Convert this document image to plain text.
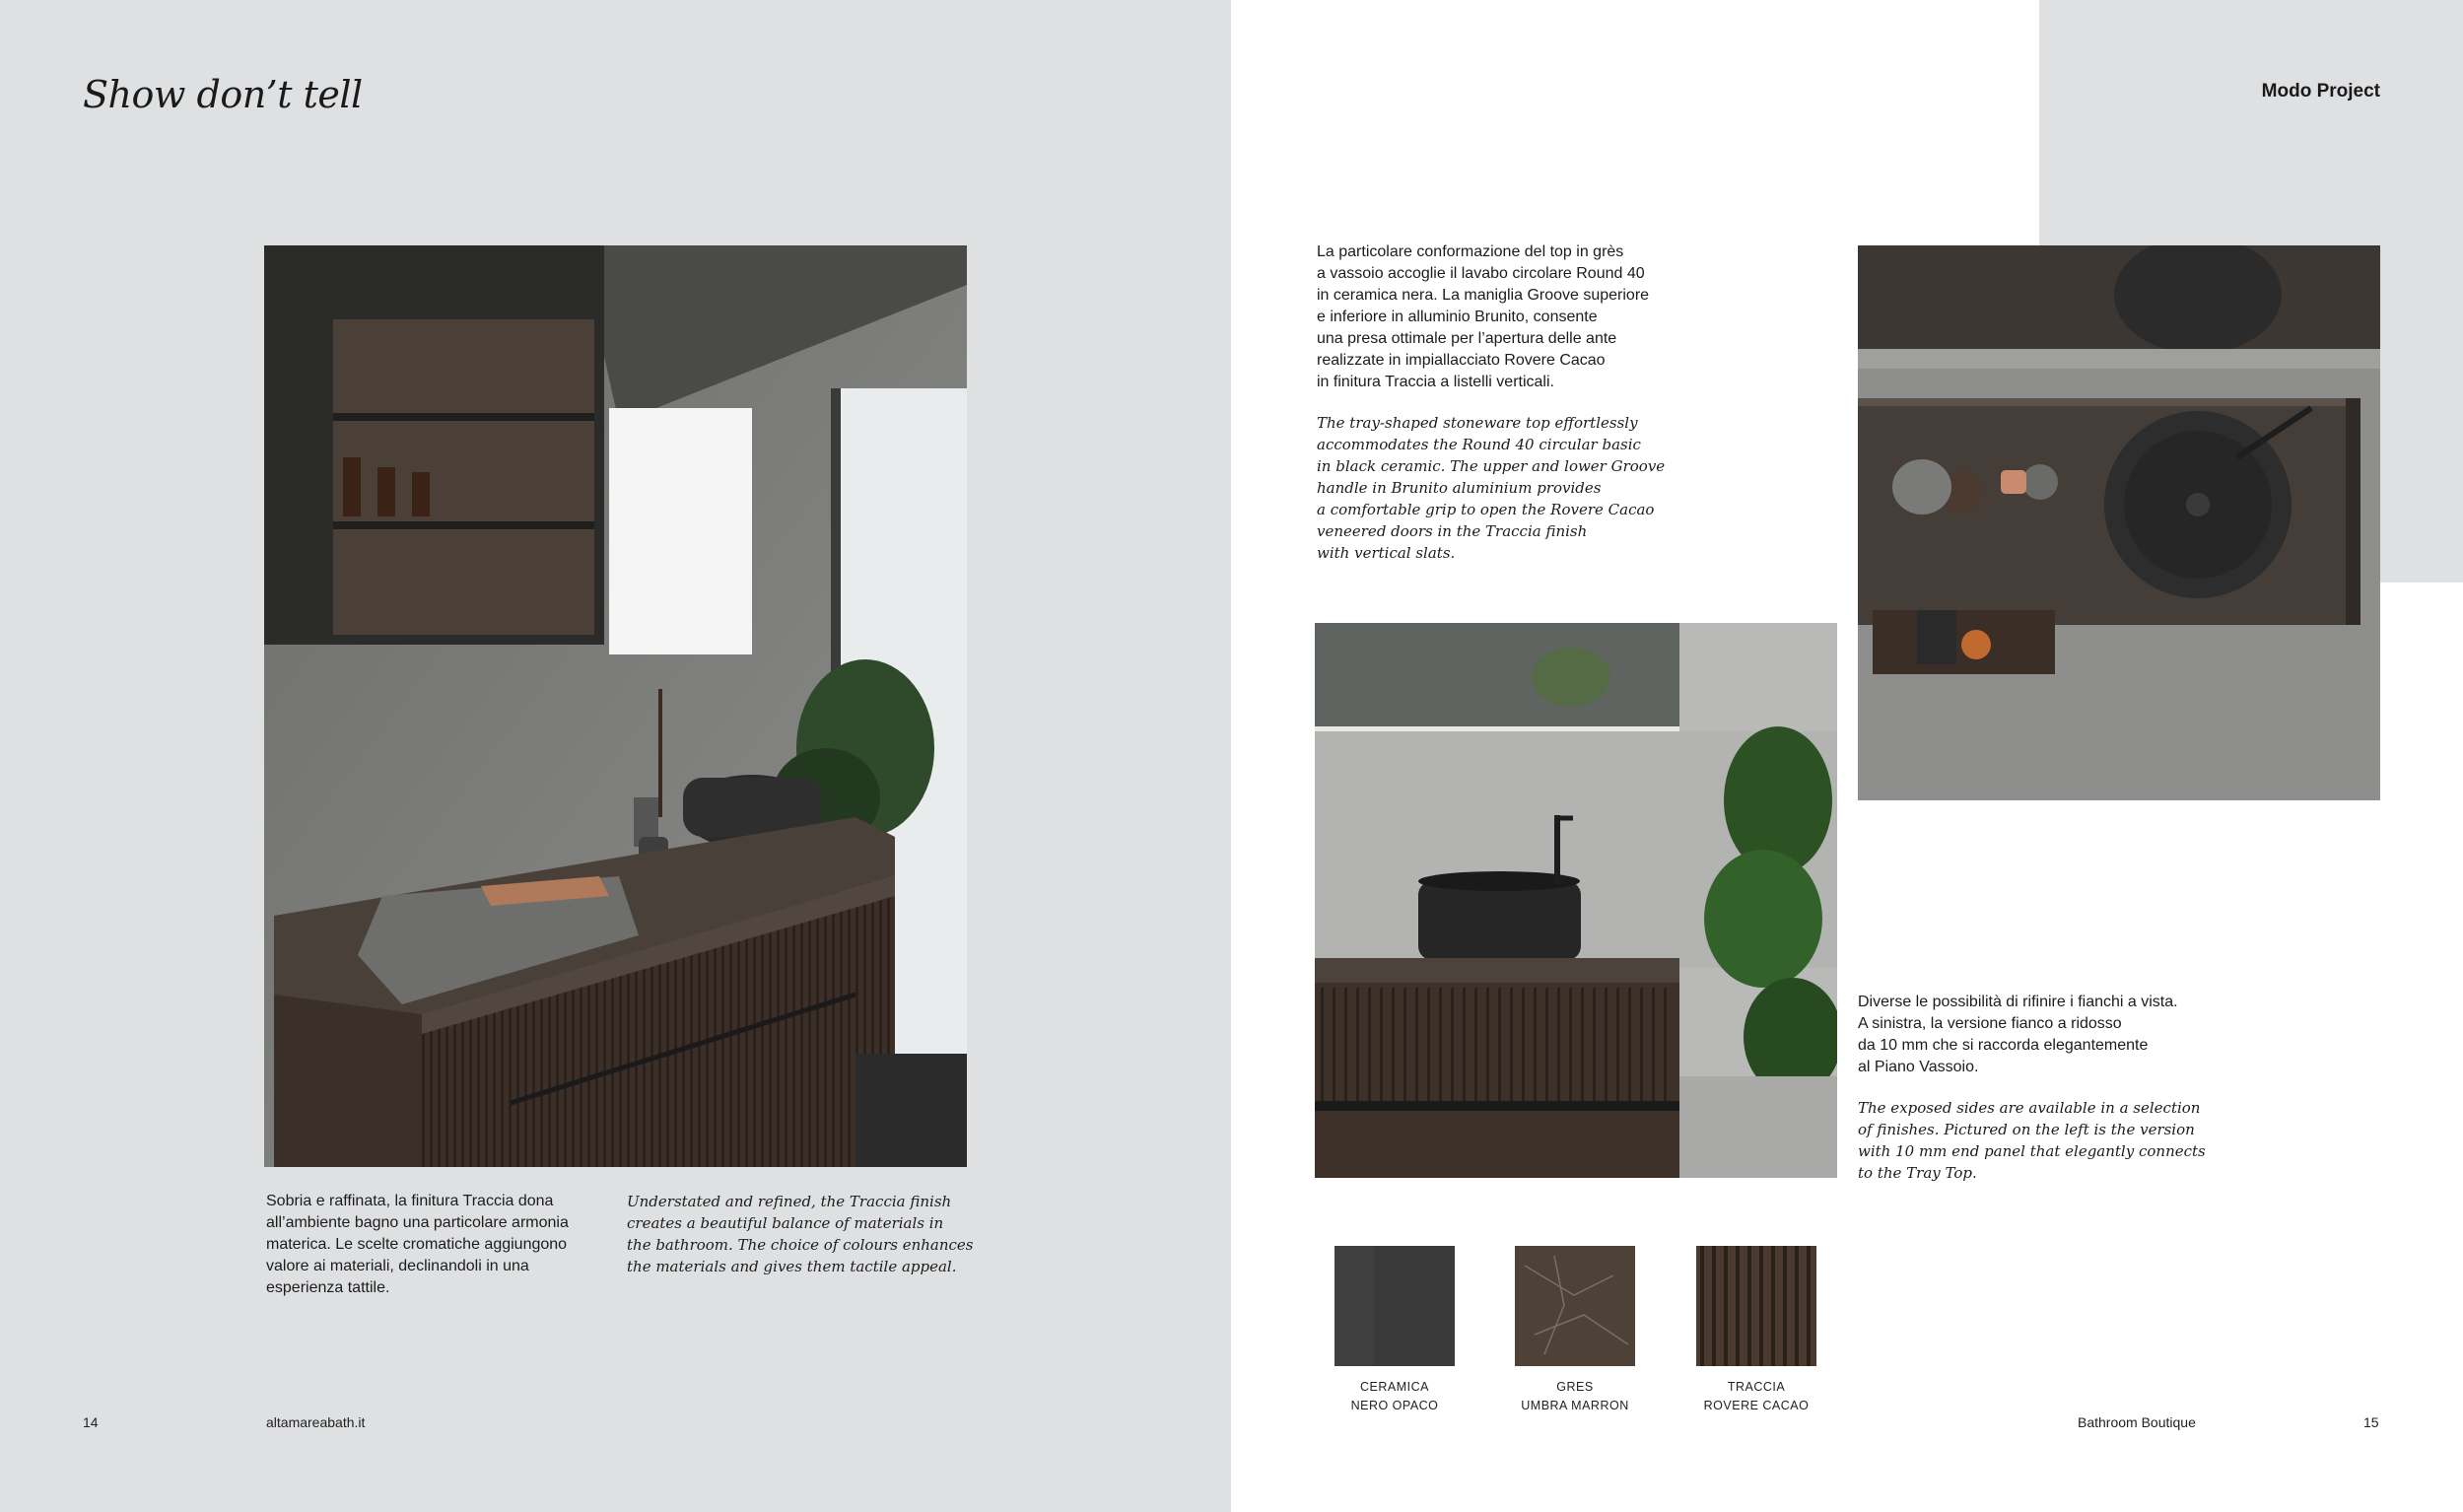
Show don’t tell	Modo Project
Sobria e raffinata, la finitura Traccia dona
all’ambiente bagno una particolare armonia
materica. Le scelte cromatiche aggiungono
valore ai materiali, declinandoli in una
esperienza tattile.
Understated and refined, the Traccia finish
creates a beautiful balance of materials in
the bathroom. The choice of colours enhances
the materials and gives them tactile appeal.
La particolare conformazione del top in grès
a vassoio accoglie il lavabo circolare Round 40
in ceramica nera. La maniglia Groove superiore
e inferiore in alluminio Brunito, consente
una presa ottimale per l’apertura delle ante
realizzate in impiallacciato Rovere Cacao
in finitura Traccia a listelli verticali.
The tray-shaped stoneware top effortlessly
accommodates the Round 40 circular basic
in black ceramic. The upper and lower Groove
handle in Brunito aluminium provides
a comfortable grip to open the Rovere Cacao
veneered doors in the Traccia finish
with vertical slats.
Diverse le possibilità di rifinire i fianchi a vista.
A sinistra, la versione fianco a ridosso
da 10 mm che si raccorda elegantemente
al Piano Vassoio.
The exposed sides are available in a selection
of finishes. Pictured on the left is the version
with 10 mm end panel that elegantly connects
to the Tray Top.
CERAMICA
NERO OPACO
GRES
UMBRA MARRON
TRACCIA
ROVERE CACAO
14	altamareabath.it	Bathroom Boutique	15
